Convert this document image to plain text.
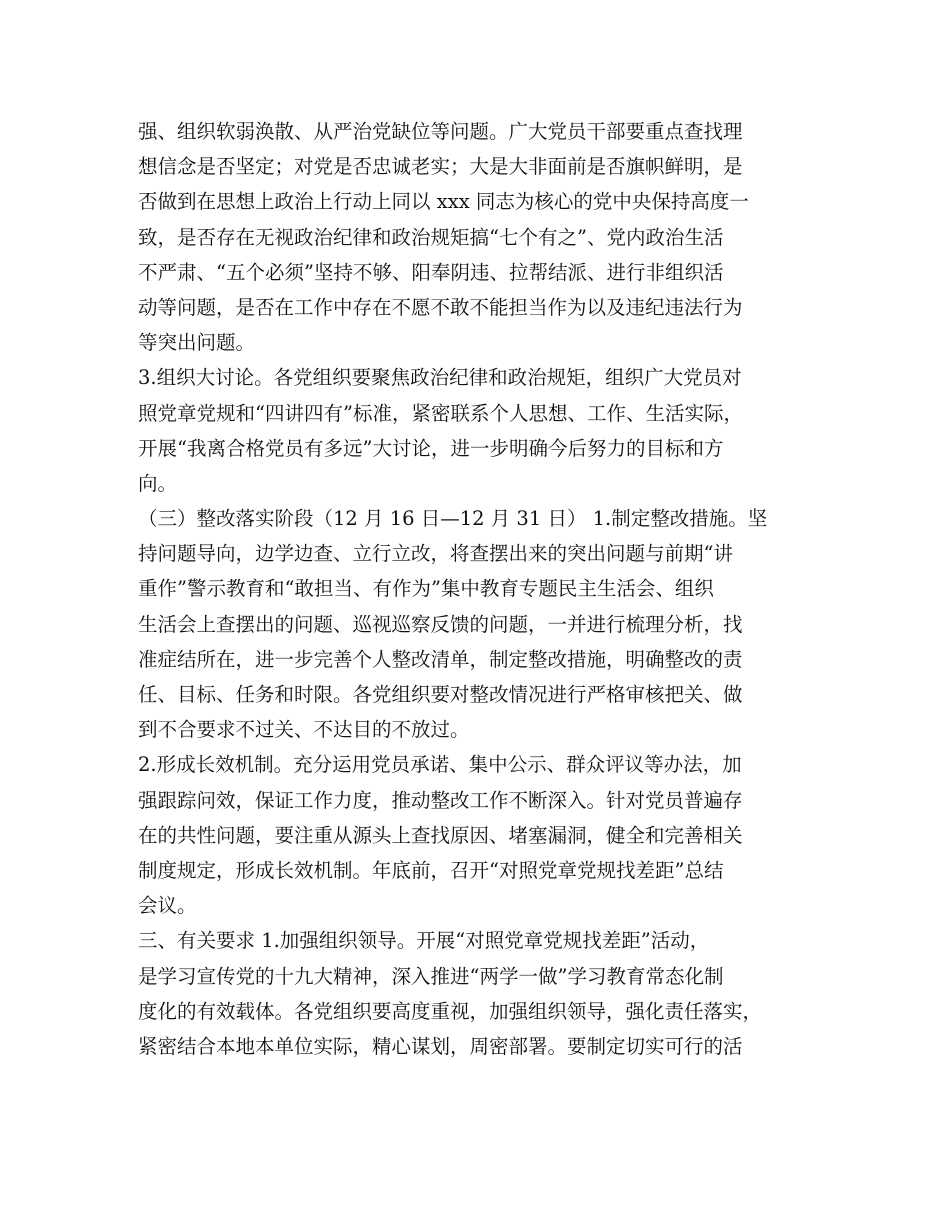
强、组织软弱涣散、从严治党缺位等问题。广大党员干部要重点查找理
想信念是否坚定；对党是否忠诚老实；大是大非面前是否旗帜鲜明，是
否做到在思想上政治上行动上同以 xxx 同志为核心的党中央保持高度一
致，是否存在无视政治纪律和政治规矩搞“七个有之”、党内政治生活
不严肃、“五个必须”坚持不够、阳奉阴违、拉帮结派、进行非组织活
动等问题，是否在工作中存在不愿不敢不能担当作为以及违纪违法行为
等突出问题。
3.组织大讨论。各党组织要聚焦政治纪律和政治规矩，组织广大党员对
照党章党规和“四讲四有”标准，紧密联系个人思想、工作、生活实际，
开展“我离合格党员有多远”大讨论，进一步明确今后努力的目标和方
向。
（三）整改落实阶段（12 月 16 日—12 月 31 日） 1.制定整改措施。坚
持问题导向，边学边查、立行立改，将查摆出来的突出问题与前期“讲
重作”警示教育和“敢担当、有作为”集中教育专题民主生活会、组织
生活会上查摆出的问题、巡视巡察反馈的问题，一并进行梳理分析，找
准症结所在，进一步完善个人整改清单，制定整改措施，明确整改的责
任、目标、任务和时限。各党组织要对整改情况进行严格审核把关、做
到不合要求不过关、不达目的不放过。
2.形成长效机制。充分运用党员承诺、集中公示、群众评议等办法，加
强跟踪问效，保证工作力度，推动整改工作不断深入。针对党员普遍存
在的共性问题，要注重从源头上查找原因、堵塞漏洞，健全和完善相关
制度规定，形成长效机制。年底前，召开“对照党章党规找差距”总结
会议。
三、有关要求 1.加强组织领导。开展“对照党章党规找差距”活动，
是学习宣传党的十九大精神，深入推进“两学一做”学习教育常态化制
度化的有效载体。各党组织要高度重视，加强组织领导，强化责任落实，
紧密结合本地本单位实际，精心谋划，周密部署。要制定切实可行的活
